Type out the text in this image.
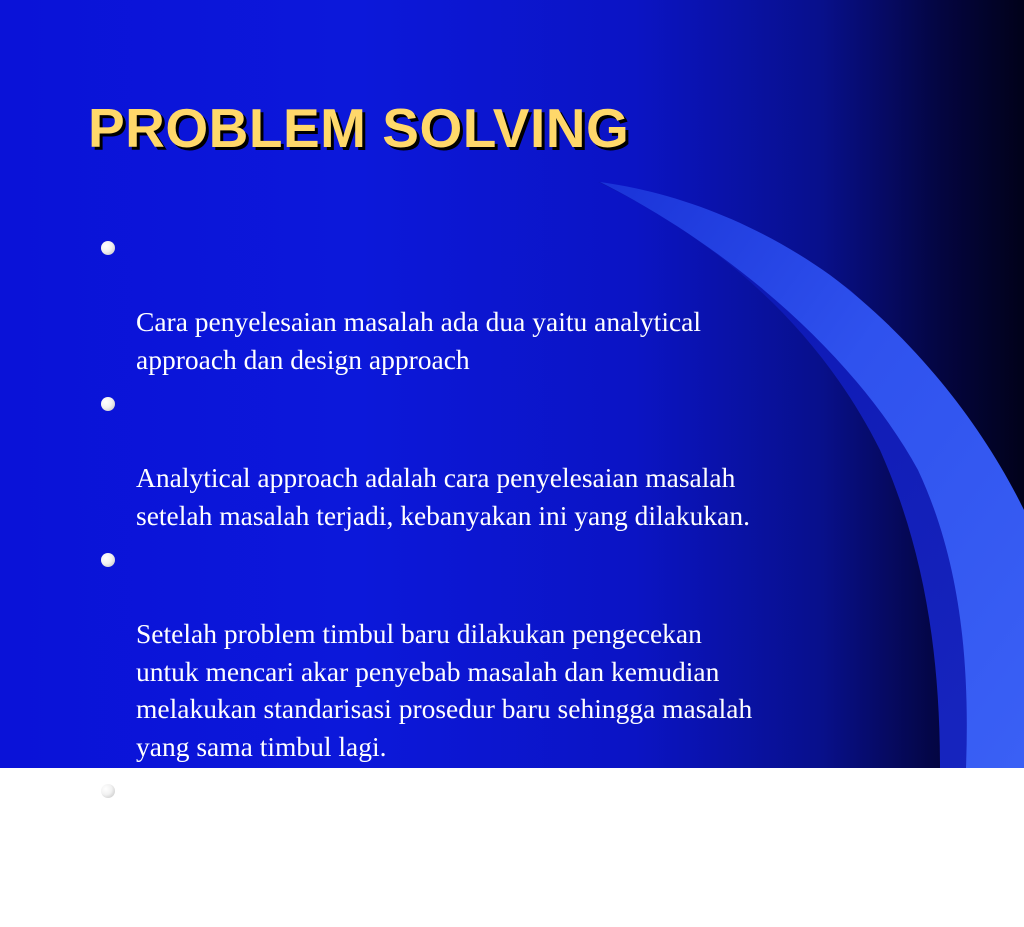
PROBLEM SOLVING

Cara penyelesaian masalah ada dua yaitu analytical
approach dan design approach

Analytical approach adalah cara penyelesaian masalah
setelah masalah terjadi, kebanyakan ini yang dilakukan.

Setelah problem timbul baru dilakukan pengecekan
untuk mencari akar penyebab masalah dan kemudian
melakukan standarisasi prosedur baru sehingga masalah
yang sama timbul lagi.

Design Approach yaitu mengantisipasi masalah dan
mencoba memecahkan masalah yang akan timbul.
